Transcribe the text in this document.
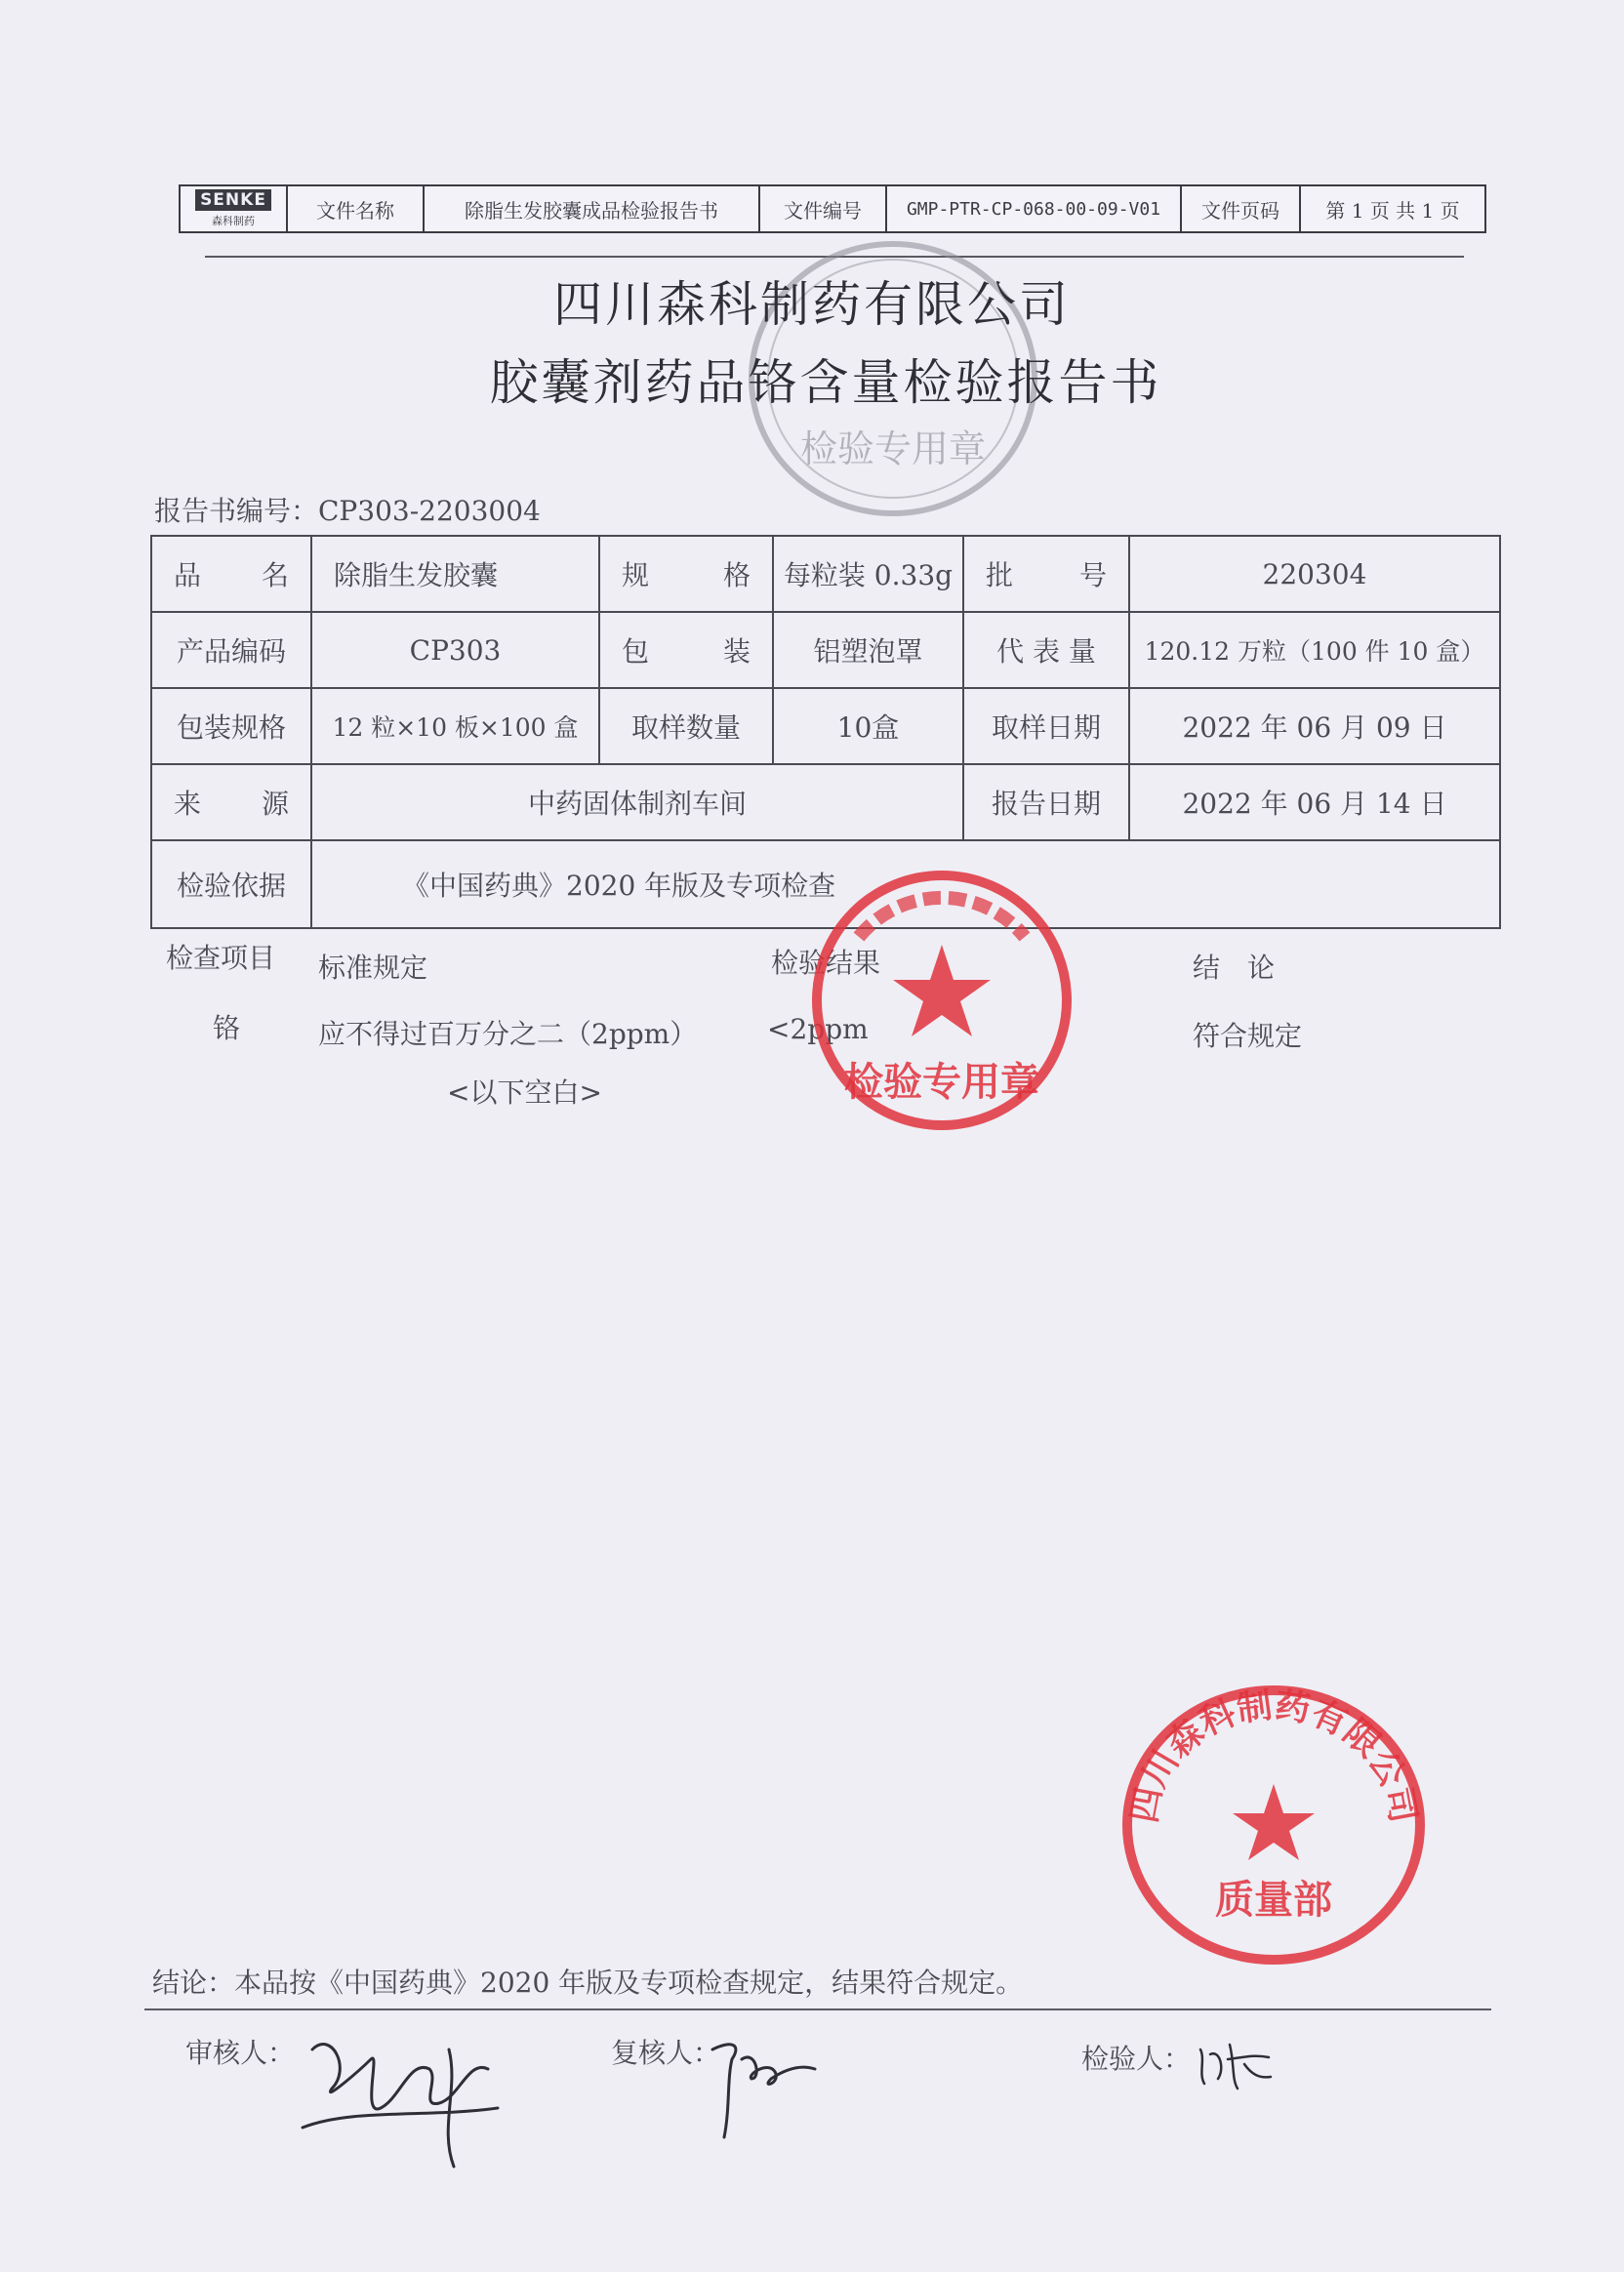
SENKE
森科制药	文件名称	除脂生发胶囊成品检验报告书	文件编号	GMP-PTR-CP-068-00-09-V01	文件页码	第 1 页 共 1 页
检验专用章
四川森科制药有限公司
胶囊剂药品铬含量检验报告书
报告书编号：CP303-2203004
品 名	除脂生发胶囊	规	格	每粒装 0.33g	批 号	220304
产品编码	CP303	包	装	铝塑泡罩	代 表 量	120.12 万粒（100 件 10 盒）
包装规格	12 粒×10 板×100 盒	取样数量	10盒	取样日期	2022 年 06 月 09 日
来 源	中药固体制剂车间	报告日期	2022 年 06 月 14 日
检验依据	《中国药典》2020 年版及专项检查
检查项目 标准规定	检验结果	结　论
铬	应不得过百万分之二（2ppm）	<2ppm	符合规定
<以下空白>	检验专用章
四川森科制药有限公司
质量部
结论：本品按《中国药典》2020 年版及专项检查规定，结果符合规定。
审核人：	复核人：	检验人：
